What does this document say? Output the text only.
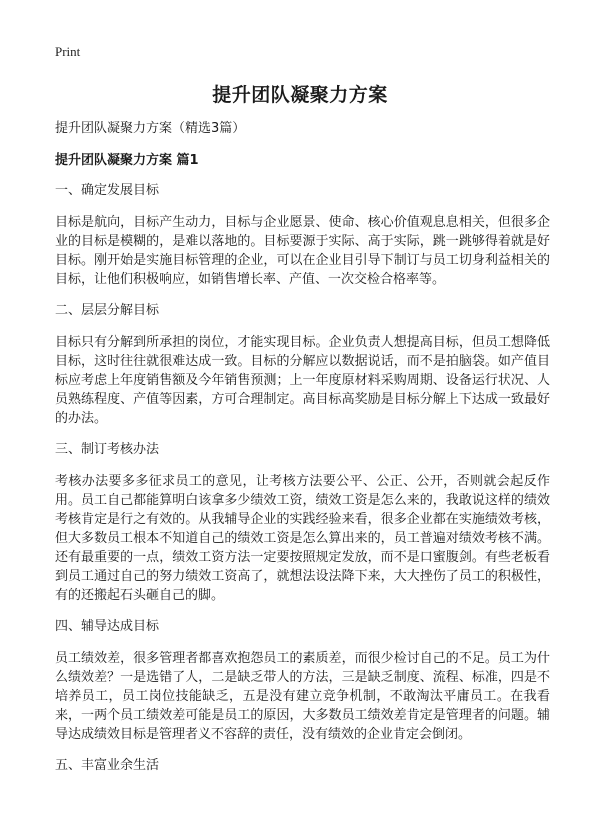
Print
提升团队凝聚力方案
提升团队凝聚力方案（精选3篇）
提升团队凝聚力方案 篇1
一、确定发展目标
目标是航向，目标产生动力，目标与企业愿景、使命、核心价值观息息相关，但很多企业的目标是模糊的，是难以落地的。目标要源于实际、高于实际，跳一跳够得着就是好目标。刚开始是实施目标管理的企业，可以在企业目引导下制订与员工切身利益相关的目标，让他们积极响应，如销售增长率、产值、一次交检合格率等。
二、层层分解目标
目标只有分解到所承担的岗位，才能实现目标。企业负责人想提高目标，但员工想降低目标，这时往往就很难达成一致。目标的分解应以数据说话，而不是拍脑袋。如产值目标应考虑上年度销售额及今年销售预测；上一年度原材料采购周期、设备运行状况、人员熟练程度、产值等因素，方可合理制定。高目标高奖励是目标分解上下达成一致最好的办法。
三、制订考核办法
考核办法要多多征求员工的意见，让考核方法要公平、公正、公开，否则就会起反作用。员工自己都能算明白该拿多少绩效工资，绩效工资是怎么来的，我敢说这样的绩效考核肯定是行之有效的。从我辅导企业的实践经验来看，很多企业都在实施绩效考核，但大多数员工根本不知道自己的绩效工资是怎么算出来的，员工普遍对绩效考核不满。还有最重要的一点，绩效工资方法一定要按照规定发放，而不是口蜜腹剑。有些老板看到员工通过自己的努力绩效工资高了，就想法设法降下来，大大挫伤了员工的积极性，有的还搬起石头砸自己的脚。
四、辅导达成目标
员工绩效差，很多管理者都喜欢抱怨员工的素质差，而很少检讨自己的不足。员工为什么绩效差？一是选错了人，二是缺乏带人的方法，三是缺乏制度、流程、标准，四是不培养员工，员工岗位技能缺乏，五是没有建立竞争机制，不敢淘汰平庸员工。在我看来，一两个员工绩效差可能是员工的原因，大多数员工绩效差肯定是管理者的问题。辅导达成绩效目标是管理者义不容辞的责任，没有绩效的企业肯定会倒闭。
五、丰富业余生活
